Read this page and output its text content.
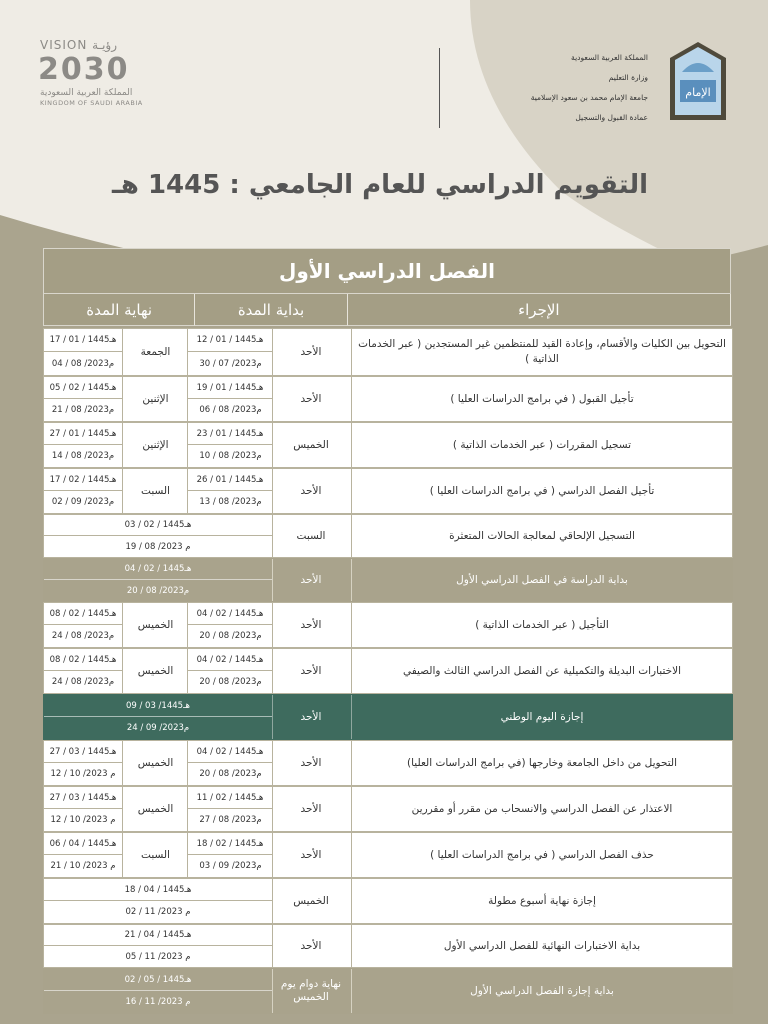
VISION رؤيـة
2030
المملكة العربية السعودية
KINGDOM OF SAUDI ARABIA
المملكة العربية السعودية
وزارة التعليم
جامعة الإمام محمد بن سعود الإسلامية
عمادة القبول والتسجيل
الإمام
التقويم الدراسي للعام الجامعي : 1445 هـ
الفصل الدراسي الأول
الإجراء
بداية المدة
نهاية المدة
التحويل بين الكليات والأقسام، وإعادة القيد للمنتظمين غير المستجدين ( عبر الخدمات الذاتية )
الأحد
12 / 01 / 1445هـ
30 / 07 /2023م
الجمعة
17 / 01 / 1445هـ
04 / 08 /2023م
تأجيل القبول ( في برامج الدراسات العليا )
الأحد
19 / 01 / 1445هـ
06 / 08 /2023م
الإثنين
05 / 02 / 1445هـ
21 / 08 /2023م
تسجيل المقررات ( عبر الخدمات الذاتية )
الخميس
23 / 01 / 1445هـ
10 / 08 /2023م
الإثنين
27 / 01 / 1445هـ
14 / 08 /2023م
تأجيل الفصل الدراسي ( في برامج الدراسات العليا )
الأحد
26 / 01 / 1445هـ
13 / 08 /2023م
السبت
17 / 02 / 1445هـ
02 / 09 /2023م
التسجيل الإلحاقي لمعالجة الحالات المتعثرة
السبت
03 / 02 / 1445هـ
19 / 08 /2023 م
بداية الدراسة في الفصل الدراسي الأول
الأحد
04 / 02 / 1445هـ
20 / 08 /2023م
التأجيل ( عبر الخدمات الذاتية )
الأحد
04 / 02 / 1445هـ
20 / 08 /2023م
الخميس
08 / 02 / 1445هـ
24 / 08 /2023م
الاختبارات البديلة والتكميلية عن الفصل الدراسي الثالث والصيفي
الأحد
04 / 02 / 1445هـ
20 / 08 /2023م
الخميس
08 / 02 / 1445هـ
24 / 08 /2023م
إجازة اليوم الوطني
الأحد
09 / 03 /1445هـ
24 / 09 /2023م
التحويل من داخل الجامعة وخارجها (في برامج الدراسات العليا)
الأحد
04 / 02 / 1445هـ
20 / 08 /2023م
الخميس
27 / 03 / 1445هـ
12 / 10 /2023 م
الاعتذار عن الفصل الدراسي والانسحاب من مقرر أو مقررين
الأحد
11 / 02 / 1445هـ
27 / 08 /2023م
الخميس
27 / 03 / 1445هـ
12 / 10 /2023 م
حذف الفصل الدراسي ( في برامج الدراسات العليا )
الأحد
18 / 02 / 1445هـ
03 / 09 /2023م
السبت
06 / 04 / 1445هـ
21 / 10 /2023 م
إجازة نهاية أسبوع مطولة
الخميس
18 / 04 / 1445هـ
02 / 11 /2023 م
بداية الاختبارات النهائية للفصل الدراسي الأول
الأحد
21 / 04 / 1445هـ
05 / 11 /2023 م
بداية إجازة الفصل الدراسي الأول
نهاية دوام يوم الخميس
02 / 05 / 1445هـ
16 / 11 /2023 م
